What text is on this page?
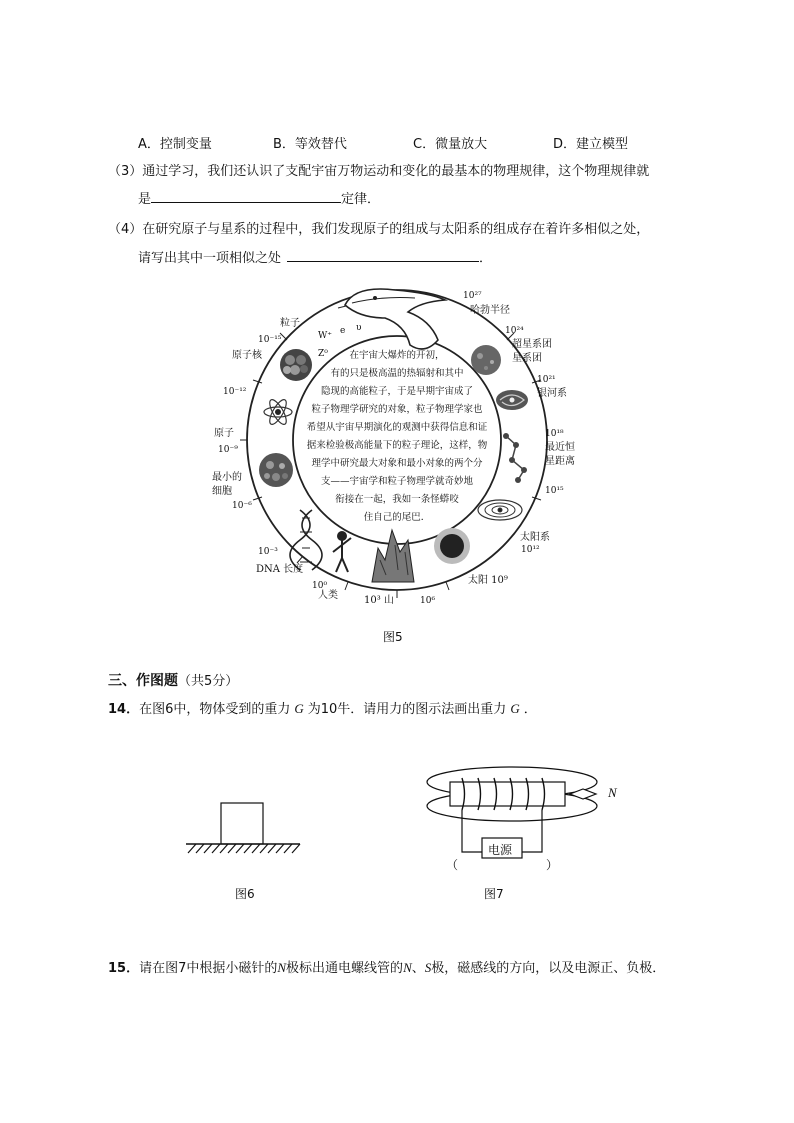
A．控制变量	B．等效替代	C．微量放大	D．建立模型
（3）通过学习，我们还认识了支配宇宙万物运动和变化的最基本的物理规律，这个物理规律就
是	定律．
（4）在研究原子与星系的过程中，我们发现原子的组成与太阳系的组成存在着许多相似之处，
请写出其中一项相似之处	．
在宇宙大爆炸的开初，
有的只是极高温的热辐射和其中
隐现的高能粒子，于是早期宇宙成了
粒子物理学研究的对象，粒子物理学家也
希望从宇宙早期演化的观测中获得信息和证
据来检验极高能量下的粒子理论，这样，物
理学中研究最大对象和最小对象的两个分
支——宇宙学和粒子物理学就奇妙地
衔接在一起，我如一条怪蟒咬
住自己的尾巴．
粒子
10⁻¹⁵
原子核
10⁻¹²
原子
10⁻⁹
最小的
细胞
10⁻⁶
10⁻³
DNA 长度
10⁰
人类	10³ 山	10⁶
太阳 10⁹
太阳系
10¹²
10¹⁵
10¹⁸
最近恒
星距离
10²¹
银河系
10²⁴
超星系团
星系团
10²⁷
哈勃半径
W⁺
Z⁰
e υ
图5
三、作图题（共5分）
14．在图6中，物体受到的重力 G 为10牛．请用力的图示法画出重力 G ．
图6
电源
N
（	）
图7
15．请在图7中根据小磁针的N极标出通电螺线管的N、S极，磁感线的方向，以及电源正、负极．
